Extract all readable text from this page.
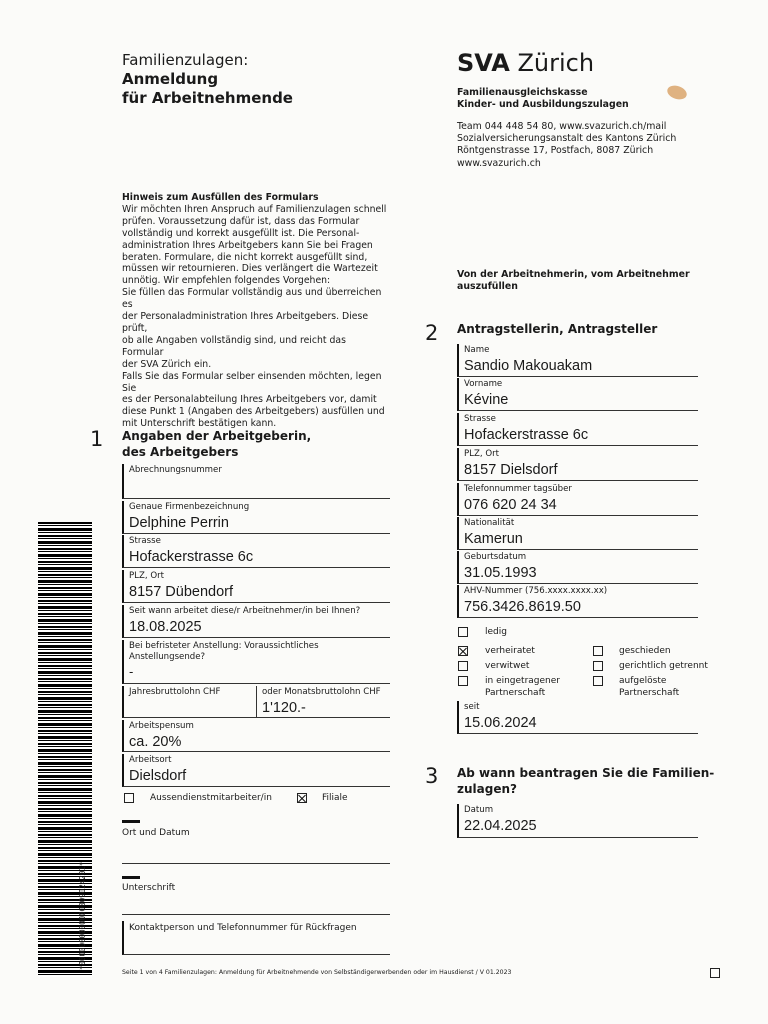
Familienzulagen:
Anmeldung
für Arbeitnehmende
SVA Zürich
Familienausgleichskasse
Kinder- und Ausbildungszulagen
Team 044 448 54 80, www.svazurich.ch/mail
Sozialversicherungsanstalt des Kantons Zürich
Röntgenstrasse 17, Postfach, 8087 Zürich
www.svazurich.ch
Hinweis zum Ausfüllen des Formulars
Wir möchten Ihren Anspruch auf Familienzulagen schnell
prüfen. Voraussetzung dafür ist, dass das Formular
vollständig und korrekt ausgefüllt ist. Die Personal-
administration Ihres Arbeitgebers kann Sie bei Fragen
beraten. Formulare, die nicht korrekt ausgefüllt sind,
müssen wir retournieren. Dies verlängert die Wartezeit
unnötig. Wir empfehlen folgendes Vorgehen:
Sie füllen das Formular vollständig aus und überreichen es
der Personaladministration Ihres Arbeitgebers. Diese prüft,
ob alle Angaben vollständig sind, und reicht das Formular
der SVA Zürich ein.
Falls Sie das Formular selber einsenden möchten, legen Sie
es der Personalabteilung Ihres Arbeitgebers vor, damit
diese Punkt 1 (Angaben des Arbeitgebers) ausfüllen und
mit Unterschrift bestätigen kann.
Von der Arbeitnehmerin, vom Arbeitnehmer
auszufüllen
1 Angaben der Arbeitgeberin,
des Arbeitgebers
Abrechnungsnummer
Genaue Firmenbezeichnung
Delphine Perrin
Strasse
Hofackerstrasse 6c
PLZ, Ort
8157 Dübendorf
Seit wann arbeitet diese/r Arbeitnehmer/in bei Ihnen?
18.08.2025
Bei befristeter Anstellung: Voraussichtliches
Anstellungsende?
-
Jahresbruttolohn CHF	oder Monatsbruttolohn CHF
1'120.-
Arbeitspensum
ca. 20%
Arbeitsort
Dielsdorf
Aussendienstmitarbeiter/in	Filiale
Ort und Datum
Unterschrift
Kontaktperson und Telefonnummer für Rückfragen
2 Antragstellerin, Antragsteller
Name
Sandio Makouakam
Vorname
Kévine
Strasse
Hofackerstrasse 6c
PLZ, Ort
8157 Dielsdorf
Telefonnummer tagsüber
076 620 24 34
Nationalität
Kamerun
Geburtsdatum
31.05.1993
AHV-Nummer (756.xxxx.xxxx.xx)
756.3426.8619.50
ledig
verheiratet
verwitwet
in eingetragener
Partnerschaft
geschieden
gerichtlich getrennt
aufgelöste
Partnerschaft
seit
15.06.2024
3 Ab wann beantragen Sie die Familien-
zulagen?
Datum
22.04.2025
*0000000000000009024201*
Seite 1 von 4 Familienzulagen: Anmeldung für Arbeitnehmende von Selbständigerwerbenden oder im Hausdienst / V 01.2023
